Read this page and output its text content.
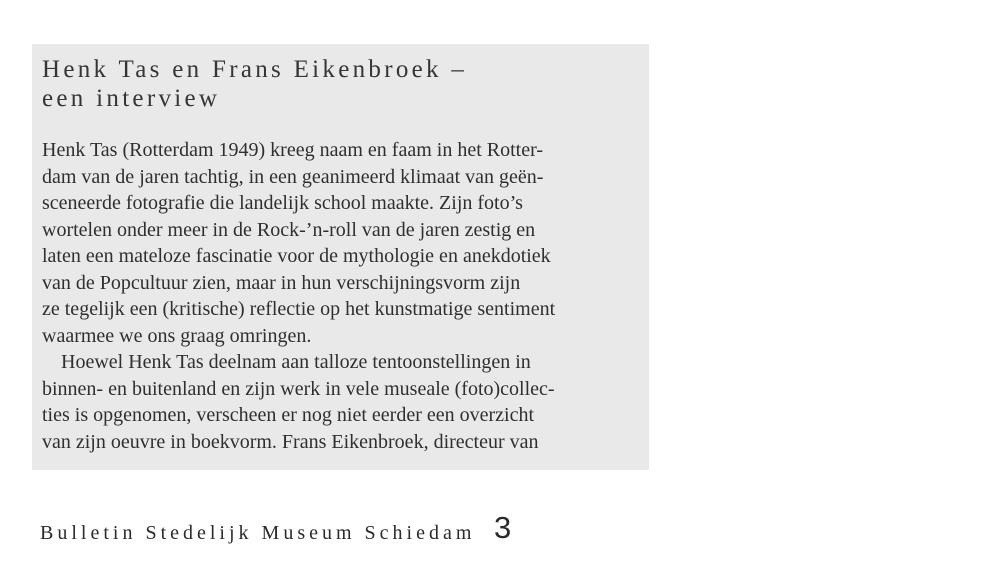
Henk Tas en Frans Eikenbroek –
een interview
Henk Tas (Rotterdam 1949) kreeg naam en faam in het Rotter-
dam van de jaren tachtig, in een geanimeerd klimaat van geën-
sceneerde fotografie die landelijk school maakte. Zijn foto’s
wortelen onder meer in de Rock-’n-roll van de jaren zestig en
laten een mateloze fascinatie voor de mythologie en anekdotiek
van de Popcultuur zien, maar in hun verschijningsvorm zijn
ze tegelijk een (kritische) reflectie op het kunstmatige sentiment
waarmee we ons graag omringen.
Hoewel Henk Tas deelnam aan talloze tentoonstellingen in
binnen- en buitenland en zijn werk in vele museale (foto)collec-
ties is opgenomen, verscheen er nog niet eerder een overzicht
van zijn oeuvre in boekvorm. Frans Eikenbroek, directeur van
Bulletin Stedelijk Museum Schiedam 3
